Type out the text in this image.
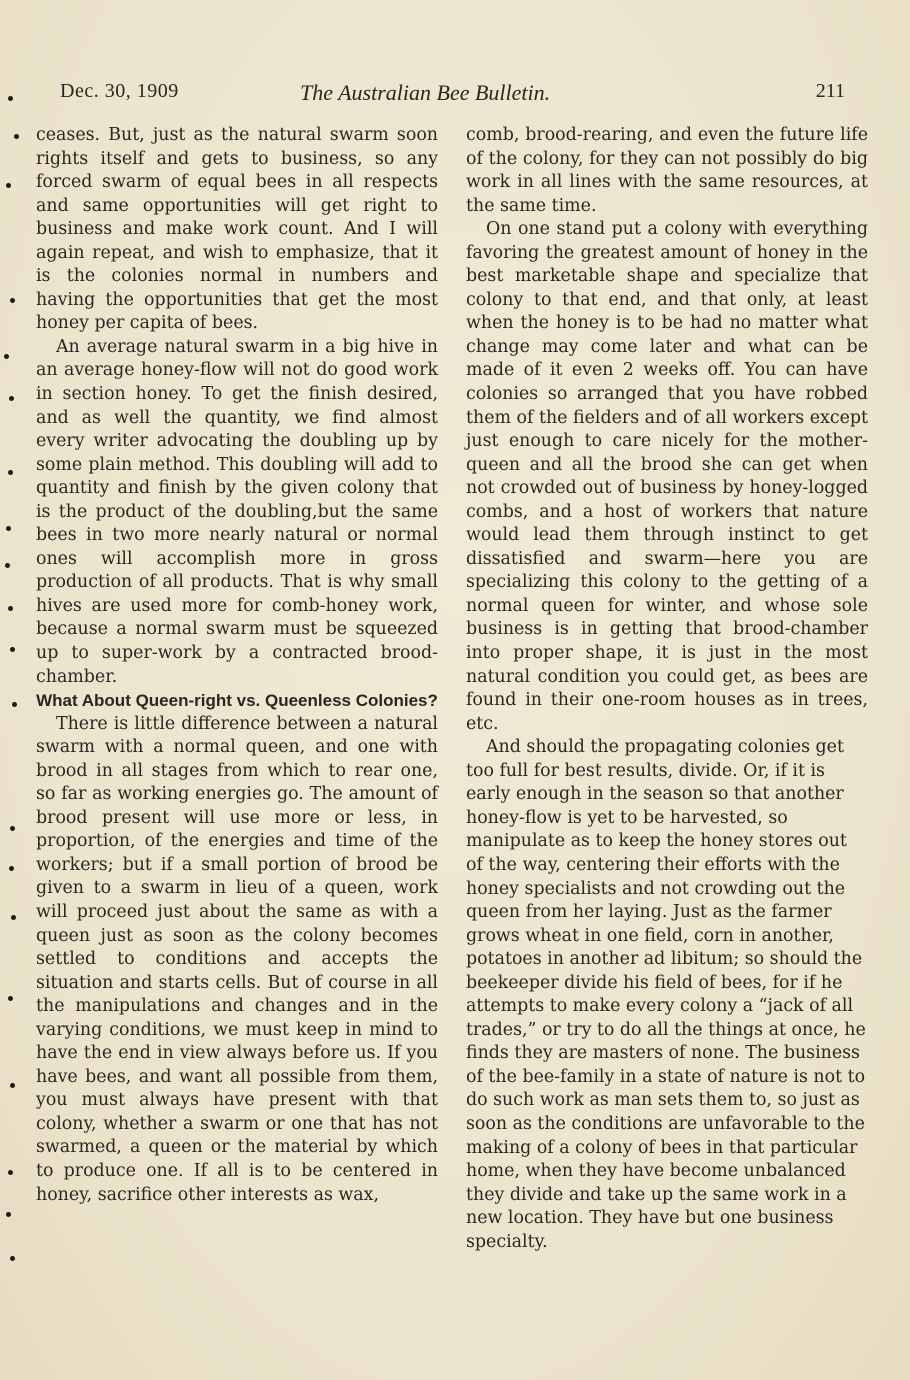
Dec. 30, 1909	The Australian Bee Bulletin.	211

ceases. But, just as the natural swarm soon rights itself and gets to business, so any forced swarm of equal bees in all respects and same opportunities will get right to business and make work count. And I will again repeat, and wish to emphasize, that it is the colonies normal in numbers and having the opportunities that get the most honey per capita of bees.

An average natural swarm in a big hive in an average honey-flow will not do good work in section honey. To get the finish desired, and as well the quantity, we find almost every writer advocating the doubling up by some plain method. This doubling will add to quantity and finish by the given colony that is the product of the doubling,but the same bees in two more nearly natural or normal ones will accomplish more in gross production of all products. That is why small hives are used more for comb-honey work, because a normal swarm must be squeezed up to super-work by a contracted brood-chamber.

What About Queen-right vs. Queenless Colonies?

There is little difference between a natural swarm with a normal queen, and one with brood in all stages from which to rear one, so far as working energies go. The amount of brood present will use more or less, in proportion, of the energies and time of the workers; but if a small portion of brood be given to a swarm in lieu of a queen, work will proceed just about the same as with a queen just as soon as the colony becomes settled to conditions and accepts the situation and starts cells. But of course in all the manipulations and changes and in the varying conditions, we must keep in mind to have the end in view always before us. If you have bees, and want all possible from them, you must always have present with that colony, whether a swarm or one that has not swarmed, a queen or the material by which to produce one. If all is to be centered in honey, sacrifice other interests as wax,

comb, brood-rearing, and even the future life of the colony, for they can not possibly do big work in all lines with the same resources, at the same time.

On one stand put a colony with everything favoring the greatest amount of honey in the best marketable shape and specialize that colony to that end, and that only, at least when the honey is to be had no matter what change may come later and what can be made of it even 2 weeks off. You can have colonies so arranged that you have robbed them of the fielders and of all workers except just enough to care nicely for the mother-queen and all the brood she can get when not crowded out of business by honey-logged combs, and a host of workers that nature would lead them through instinct to get dissatisfied and swarm—here you are specializing this colony to the getting of a normal queen for winter, and whose sole business is in getting that brood-chamber into proper shape, it is just in the most natural condition you could get, as bees are found in their one-room houses as in trees, etc.

And should the propagating colonies get too full for best results, divide. Or, if it is early enough in the season so that another honey-flow is yet to be harvested, so manipulate as to keep the honey stores out of the way, centering their efforts with the honey specialists and not crowding out the queen from her laying. Just as the farmer grows wheat in one field, corn in another, potatoes in another ad libitum; so should the beekeeper divide his field of bees, for if he attempts to make every colony a “jack of all trades,” or try to do all the things at once, he finds they are masters of none. The business of the bee-family in a state of nature is not to do such work as man sets them to, so just as soon as the conditions are unfavorable to the making of a colony of bees in that particular home, when they have become unbalanced they divide and take up the same work in a new location. They have but one business specialty.
